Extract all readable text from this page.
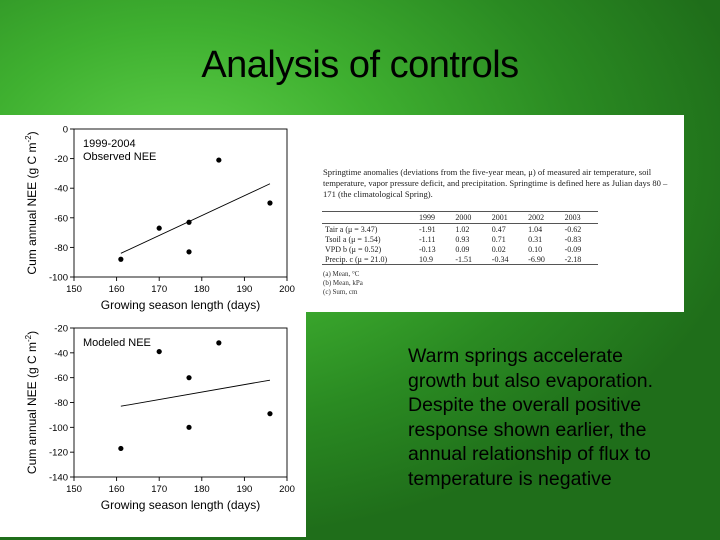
Analysis of controls
150	160	170	180	190	200
0
-20
-40
-60
-80
-100
Growing season length (days)
Cum annual NEE (g C $m^{-2}$)
1999-2004
Observed NEE
Springtime anomalies (deviations from the five-year mean, μ) of measured air temperature, soil temperature, vapor pressure deficit, and precipitation. Springtime is defined here as Julian days 80 – 171 (the climatological Spring).
	1999	2000	2001	2002	2003
Tair a (μ = 3.47)	-1.91	1.02	0.47	1.04	-0.62
Tsoil a (μ = 1.54)	-1.11	0.93	0.71	0.31	-0.83
VPD b (μ = 0.52)	-0.13	0.09	0.02	0.10	-0.09
Precip. c (μ = 21.0)	10.9	-1.51	-0.34	-6.90	-2.18
(a) Mean, °C
(b) Mean, kPa
(c) Sum, cm
150	160	170	180	190	200
-20
-40
-60
-80
-100
-120
-140
Growing season length (days)
Cum annual NEE (g C $m^{-2}$)
Modeled NEE
Warm springs accelerate
growth but also evaporation.
Despite the overall positive
response shown earlier, the
annual relationship of flux to
temperature is negative
